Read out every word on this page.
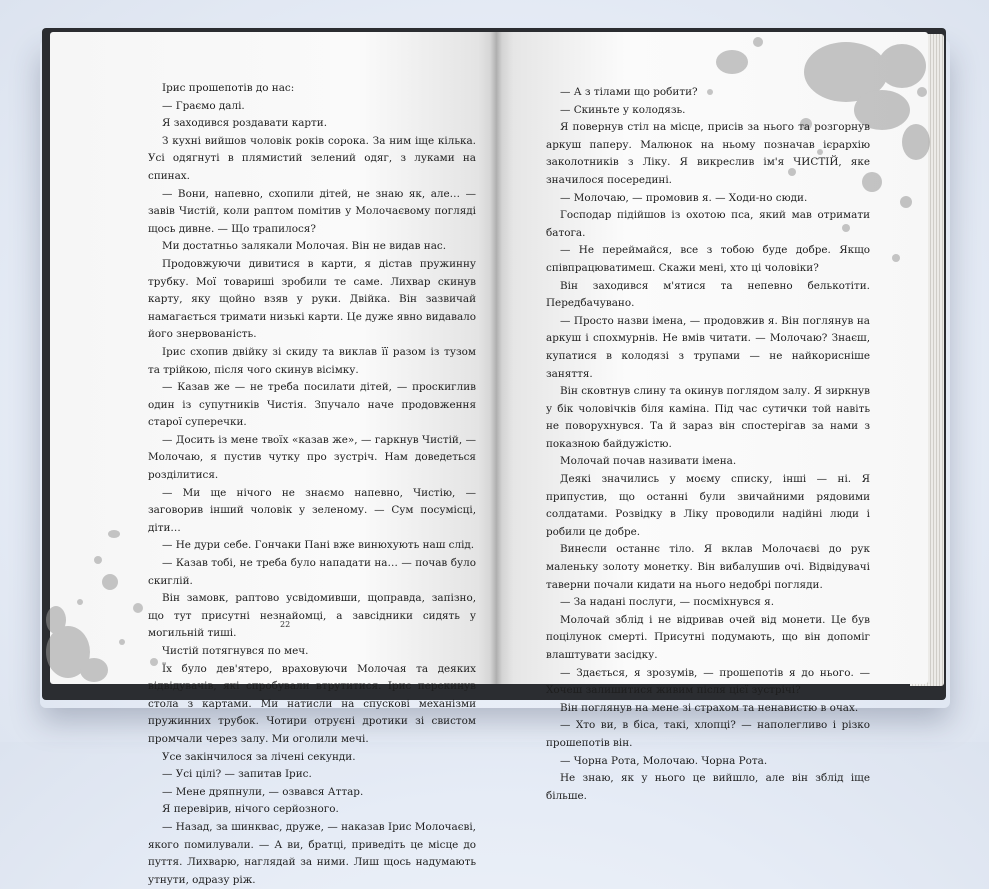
Ірис прошепотів до нас:

— Граємо далі.

Я заходився роздавати карти.

З кухні вийшов чоловік років сорока. За ним іще кілька. Усі одягнуті в плямистий зелений одяг, з луками на спинах.

— Вони, напевно, схопили дітей, не знаю як, але… — завів Чистій, коли раптом помітив у Молочаєвому погляді щось дивне. — Що трапилося?

Ми достатньо залякали Молочая. Він не видав нас.

Продовжуючи дивитися в карти, я дістав пружинну трубку. Мої товариші зробили те саме. Лихвар скинув карту, яку щойно взяв у руки. Двійка. Він зазвичай намагається тримати низькі карти. Це дуже явно видавало його знервованість.

Ірис схопив двійку зі скиду та виклав її разом із тузом та трійкою, після чого скинув вісімку.

— Казав же — не треба посилати дітей, — проскиглив один із супутників Чистія. Зпучало наче продовження старої суперечки.

— Досить із мене твоїх «казав же», — гаркнув Чистій, — Молочаю, я пустив чутку про зустріч. Нам доведеться розділитися.

— Ми ще нічого не знаємо напевно, Чистію, — заговорив інший чоловік у зеленому. — Сум посумісці, діти…

— Не дури себе. Гончаки Пані вже винюхують наш слід.

— Казав тобі, не треба було нападати на… — почав було скиглій.

Він замовк, раптово усвідомивши, щоправда, запізно, що тут присутні незнайомці, а завсідники сидять у могильній тиші.

Чистій потягнувся по меч.

Їх було дев'ятеро, враховуючи Молочая та деяких відвідувачів, які спробували втрутитися. Ірис перекинув стола з картами. Ми натисли на спускові механізми пружинних трубок. Чотири отруєні дротики зі свистом промчали через залу. Ми оголили мечі.

Усе закінчилося за лічені секунди.

— Усі цілі? — запитав Ірис.

— Мене дряпнули, — озвався Аттар.

Я перевірив, нічого серйозного.

— Назад, за шинквас, друже, — наказав Ірис Молочаєві, якого помилували. — А ви, братці, приведіть це місце до пуття. Лихварю, наглядай за ними. Лиш щось надумають утнути, одразу ріж.

22

— А з тілами що робити?

— Скиньте у колодязь.

Я повернув стіл на місце, присів за нього та розгорнув аркуш паперу. Малюнок на ньому позначав ієрархію заколотників з Ліку. Я викреслив ім'я ЧИСТІЙ, яке значилося посередині.

— Молочаю, — промовив я. — Ходи-но сюди.

Господар підійшов із охотою пса, який мав отримати батога.

— Не переймайся, все з тобою буде добре. Якщо співпрацюватимеш. Скажи мені, хто ці чоловіки?

Він заходився м'ятися та непевно белькотіти. Передбачувано.

— Просто назви імена, — продовжив я. Він поглянув на аркуш і спохмурнів. Не вмів читати. — Молочаю? Знаєш, купатися в колодязі з трупами — не найкорисніше заняття.

Він сковтнув слину та окинув поглядом залу. Я зиркнув у бік чоловічків біля каміна. Під час сутички той навіть не поворухнувся. Та й зараз він спостерігав за нами з показною байдужістю.

Молочай почав називати імена.

Деякі значились у моєму списку, інші — ні. Я припустив, що останні були звичайними рядовими солдатами. Розвідку в Ліку проводили надійні люди і робили це добре.

Винесли останнє тіло. Я вклав Молочаєві до рук маленьку золоту монетку. Він вибалушив очі. Відвідувачі таверни почали кидати на нього недобрі погляди.

— За надані послуги, — посміхнувся я.

Молочай зблід і не відривав очей від монети. Це був поцілунок смерті. Присутні подумають, що він допоміг влаштувати засідку.

— Здається, я зрозумів, — прошепотів я до нього. — Хочеш залишитися живим після цієї зустрічі?

Він поглянув на мене зі страхом та ненавистю в очах.

— Хто ви, в біса, такі, хлопці? — наполегливо і різко прошепотів він.

— Чорна Рота, Молочаю. Чорна Рота.

Не знаю, як у нього це вийшло, але він зблід іще більше.
